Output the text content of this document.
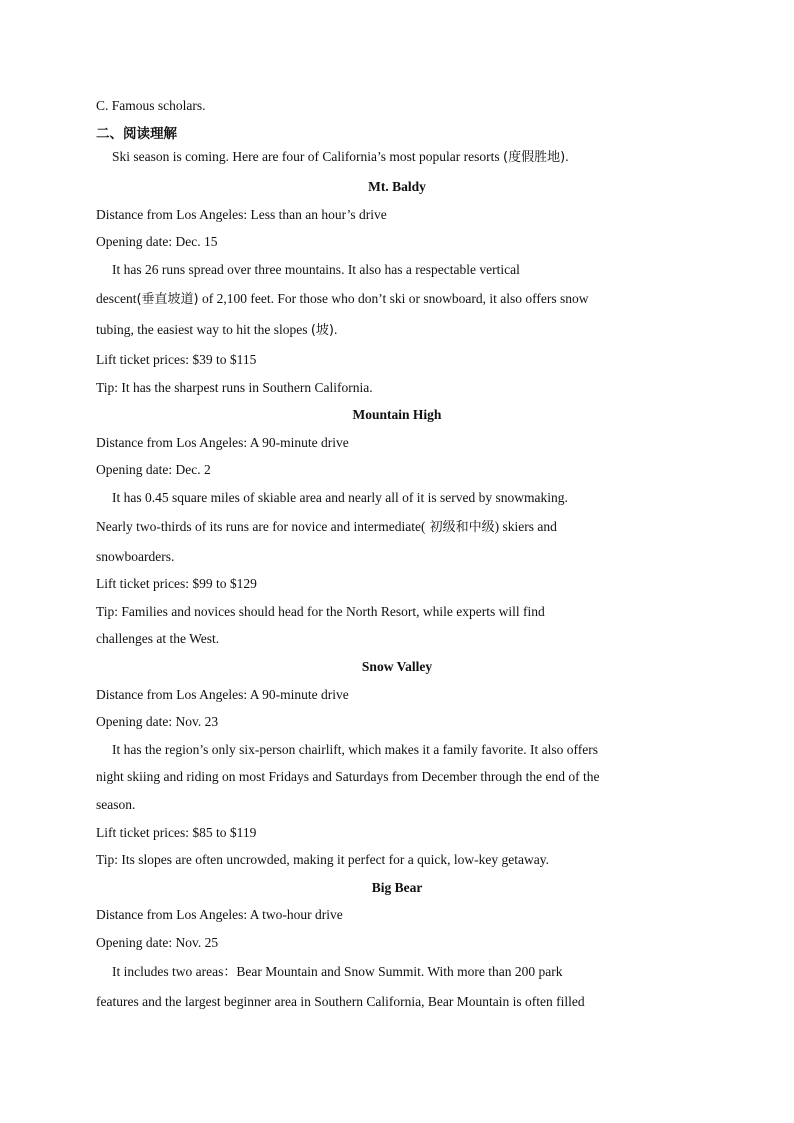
C. Famous scholars.
二、阅读理解
Ski season is coming. Here are four of California’s most popular resorts (度假胜地).
Mt. Baldy
Distance from Los Angeles: Less than an hour’s drive
Opening date: Dec. 15
It has 26 runs spread over three mountains. It also has a respectable vertical
descent(垂直坡道) of 2,100 feet. For those who don’t ski or snowboard, it also offers snow
tubing, the easiest way to hit the slopes (坡).
Lift ticket prices: $39 to $115
Tip: It has the sharpest runs in Southern California.
Mountain High
Distance from Los Angeles: A 90-minute drive
Opening date: Dec. 2
It has 0.45 square miles of skiable area and nearly all of it is served by snowmaking.
Nearly two-thirds of its runs are for novice and intermediate( 初级和中级) skiers and
snowboarders.
Lift ticket prices: $99 to $129
Tip: Families and novices should head for the North Resort, while experts will find
challenges at the West.
Snow Valley
Distance from Los Angeles: A 90-minute drive
Opening date: Nov. 23
It has the region’s only six-person chairlift, which makes it a family favorite. It also offers
night skiing and riding on most Fridays and Saturdays from December through the end of the
season.
Lift ticket prices: $85 to $119
Tip: Its slopes are often uncrowded, making it perfect for a quick, low-key getaway.
Big Bear
Distance from Los Angeles: A two-hour drive
Opening date: Nov. 25
It includes two areas：Bear Mountain and Snow Summit. With more than 200 park
features and the largest beginner area in Southern California, Bear Mountain is often filled
